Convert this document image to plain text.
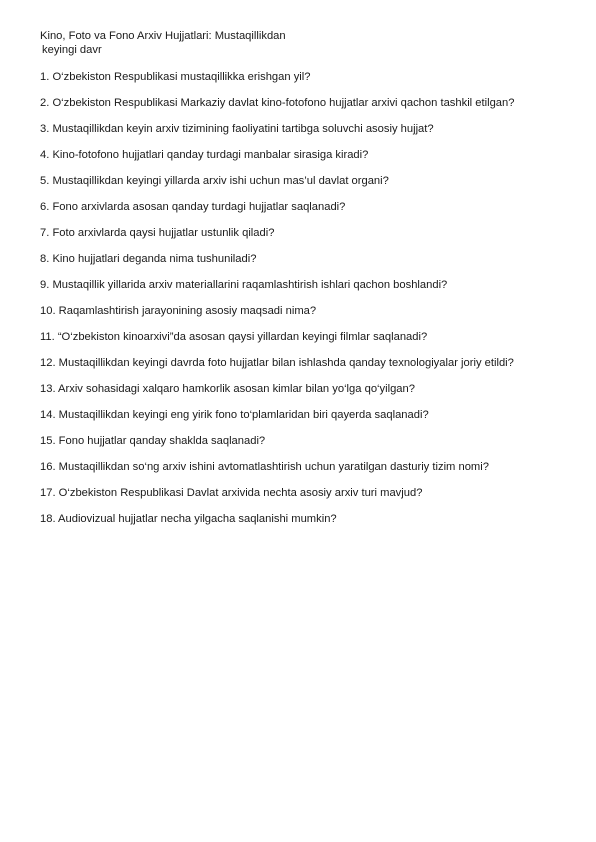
Kino, Foto va Fono Arxiv Hujjatlari: Mustaqillikdan
keyingi davr
1. O‘zbekiston Respublikasi mustaqillikka erishgan yil?
2. O‘zbekiston Respublikasi Markaziy davlat kino-fotofono hujjatlar arxivi qachon tashkil etilgan?
3. Mustaqillikdan keyin arxiv tizimining faoliyatini tartibga soluvchi asosiy hujjat?
4. Kino-fotofono hujjatlari qanday turdagi manbalar sirasiga kiradi?
5. Mustaqillikdan keyingi yillarda arxiv ishi uchun mas’ul davlat organi?
6. Fono arxivlarda asosan qanday turdagi hujjatlar saqlanadi?
7. Foto arxivlarda qaysi hujjatlar ustunlik qiladi?
8. Kino hujjatlari deganda nima tushuniladi?
9. Mustaqillik yillarida arxiv materiallarini raqamlashtirish ishlari qachon boshlandi?
10. Raqamlashtirish jarayonining asosiy maqsadi nima?
11. “O‘zbekiston kinoarxivi”da asosan qaysi yillardan keyingi filmlar saqlanadi?
12. Mustaqillikdan keyingi davrda foto hujjatlar bilan ishlashda qanday texnologiyalar joriy etildi?
13. Arxiv sohasidagi xalqaro hamkorlik asosan kimlar bilan yo‘lga qo‘yilgan?
14. Mustaqillikdan keyingi eng yirik fono to‘plamlaridan biri qayerda saqlanadi?
15. Fono hujjatlar qanday shaklda saqlanadi?
16. Mustaqillikdan so‘ng arxiv ishini avtomatlashtirish uchun yaratilgan dasturiy tizim nomi?
17. O‘zbekiston Respublikasi Davlat arxivida nechta asosiy arxiv turi mavjud?
18. Audiovizual hujjatlar necha yilgacha saqlanishi mumkin?
